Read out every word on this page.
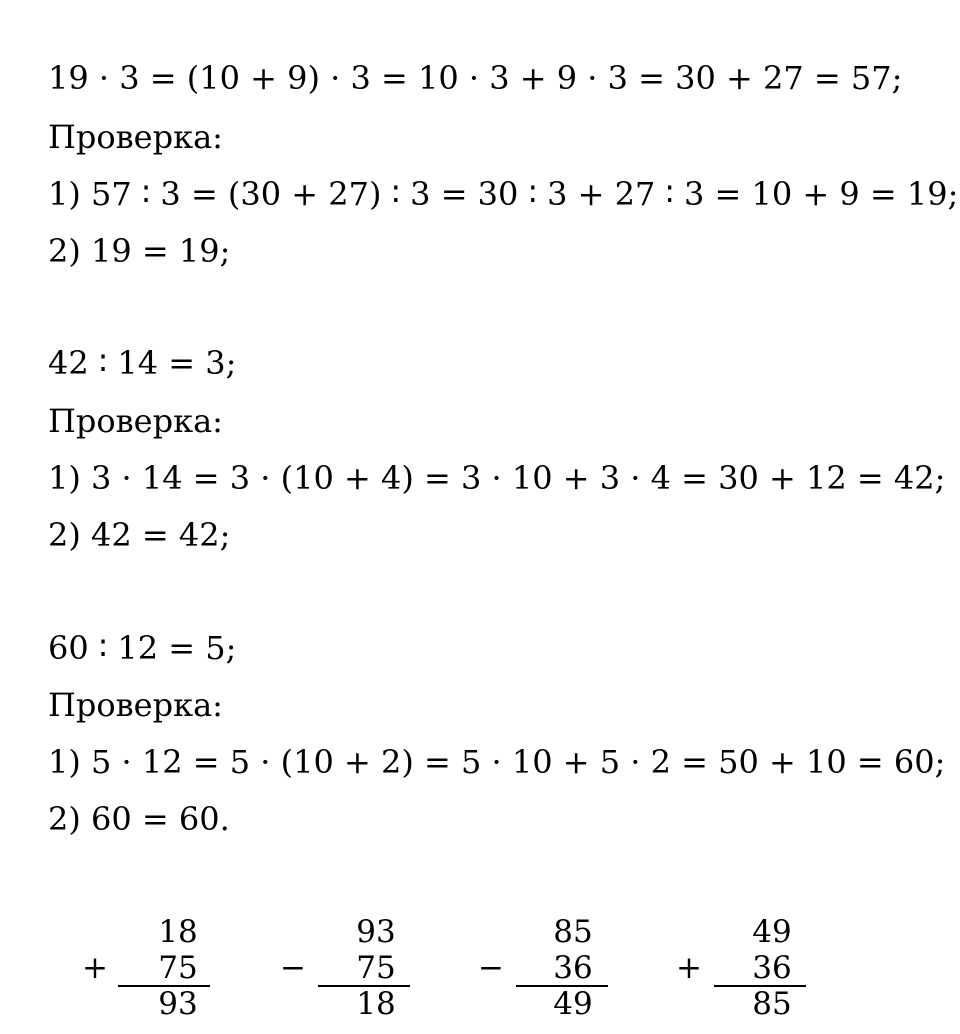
19 · 3 = (10 + 9) · 3 = 10 · 3 + 9 · 3 = 30 + 27 = 57;
Проверка:
1) 57 ∶ 3 = (30 + 27) ∶ 3 = 30 ∶ 3 + 27 ∶ 3 = 10 + 9 = 19;
2) 19 = 19;
42 ∶ 14 = 3;
Проверка:
1) 3 · 14 = 3 · (10 + 4) = 3 · 10 + 3 · 4 = 30 + 12 = 42;
2) 42 = 42;
60 ∶ 12 = 5;
Проверка:
1) 5 · 12 = 5 · (10 + 2) = 5 · 10 + 5 · 2 = 50 + 10 = 60;
2) 60 = 60.
+
18
75
93
−
93
75
18
−
85
36
49
+
49
36
85
